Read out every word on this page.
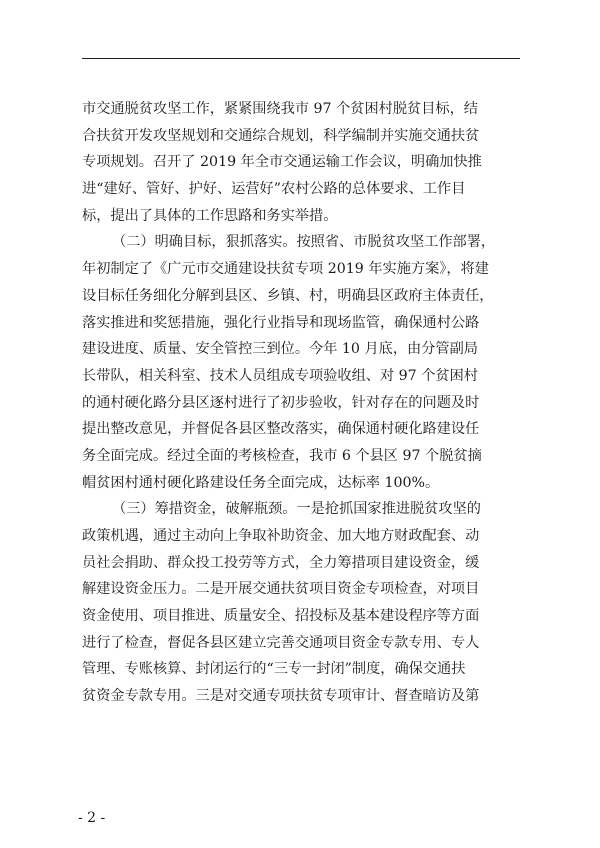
市交通脱贫攻坚工作，紧紧围绕我市 97 个贫困村脱贫目标，结
合扶贫开发攻坚规划和交通综合规划，科学编制并实施交通扶贫
专项规划。召开了 2019 年全市交通运输工作会议，明确加快推
进“建好、管好、护好、运营好”农村公路的总体要求、工作目
标，提出了具体的工作思路和务实举措。
（二）明确目标，狠抓落实。按照省、市脱贫攻坚工作部署，
年初制定了《广元市交通建设扶贫专项 2019 年实施方案》，将建
设目标任务细化分解到县区、乡镇、村，明确县区政府主体责任，
落实推进和奖惩措施，强化行业指导和现场监管，确保通村公路
建设进度、质量、安全管控三到位。今年 10 月底，由分管副局
长带队，相关科室、技术人员组成专项验收组、对 97 个贫困村
的通村硬化路分县区逐村进行了初步验收，针对存在的问题及时
提出整改意见，并督促各县区整改落实，确保通村硬化路建设任
务全面完成。经过全面的考核检查，我市 6 个县区 97 个脱贫摘
帽贫困村通村硬化路建设任务全面完成，达标率 100%。
（三）筹措资金，破解瓶颈。一是抢抓国家推进脱贫攻坚的
政策机遇，通过主动向上争取补助资金、加大地方财政配套、动
员社会捐助、群众投工投劳等方式，全力筹措项目建设资金，缓
解建设资金压力。二是开展交通扶贫项目资金专项检查，对项目
资金使用、项目推进、质量安全、招投标及基本建设程序等方面
进行了检查，督促各县区建立完善交通项目资金专款专用、专人
管理、专账核算、封闭运行的“三专一封闭”制度，确保交通扶
贫资金专款专用。三是对交通专项扶贫专项审计、督查暗访及第
- 2 -
